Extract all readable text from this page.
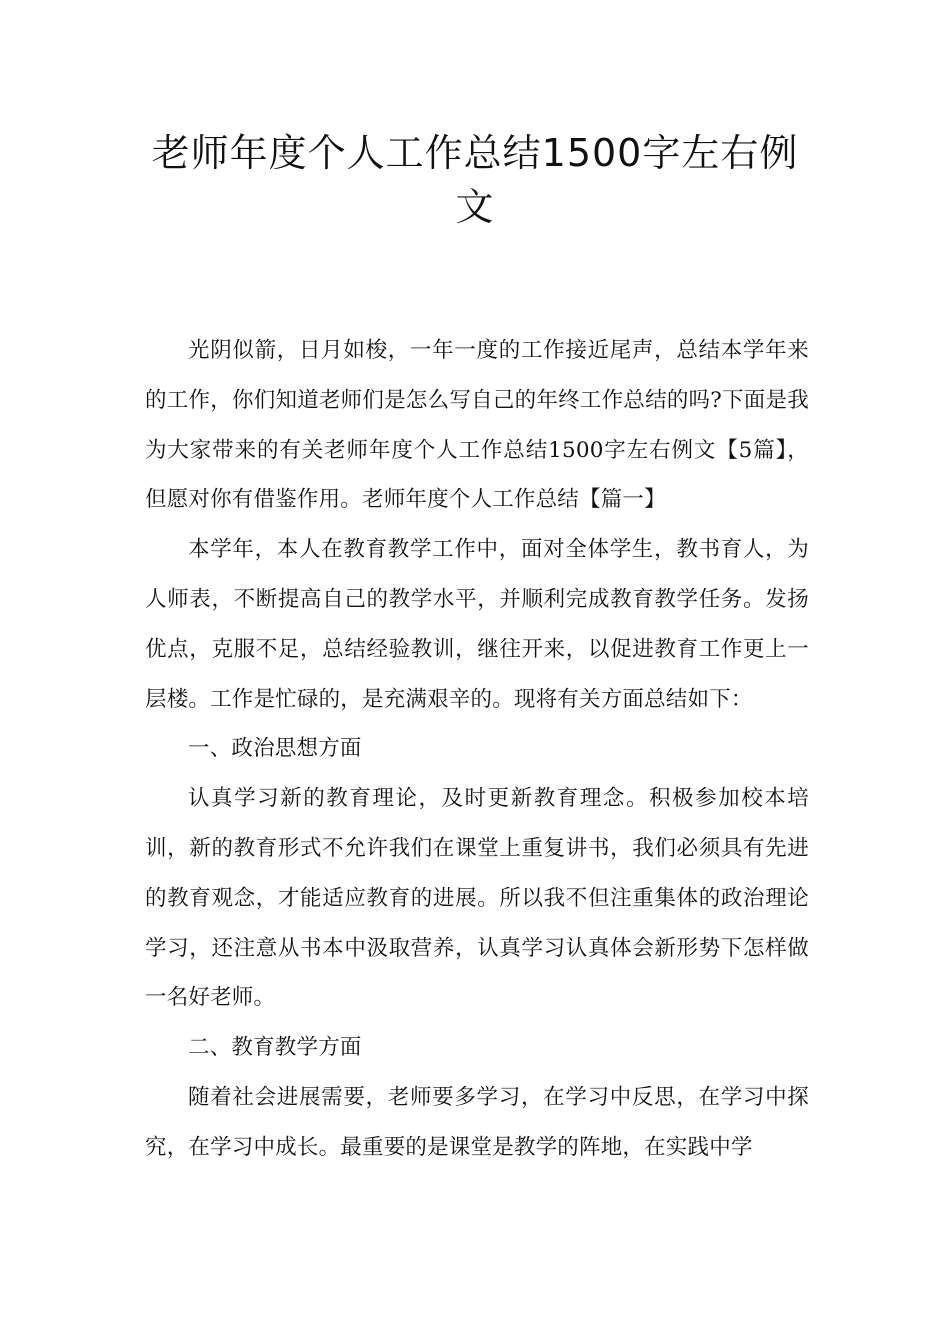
老师年度个人工作总结1500字左右例文

光阴似箭，日月如梭，一年一度的工作接近尾声，总结本学年来的工作，你们知道老师们是怎么写自己的年终工作总结的吗?下面是我为大家带来的有关老师年度个人工作总结1500字左右例文【5篇】，但愿对你有借鉴作用。老师年度个人工作总结【篇一】

本学年，本人在教育教学工作中，面对全体学生，教书育人，为人师表，不断提高自己的教学水平，并顺利完成教育教学任务。发扬优点，克服不足，总结经验教训，继往开来，以促进教育工作更上一层楼。工作是忙碌的，是充满艰辛的。现将有关方面总结如下：

一、政治思想方面

认真学习新的教育理论，及时更新教育理念。积极参加校本培训，新的教育形式不允许我们在课堂上重复讲书，我们必须具有先进的教育观念，才能适应教育的进展。所以我不但注重集体的政治理论学习，还注意从书本中汲取营养，认真学习认真体会新形势下怎样做一名好老师。

二、教育教学方面

随着社会进展需要，老师要多学习，在学习中反思，在学习中探究，在学习中成长。最重要的是课堂是教学的阵地，在实践中学
